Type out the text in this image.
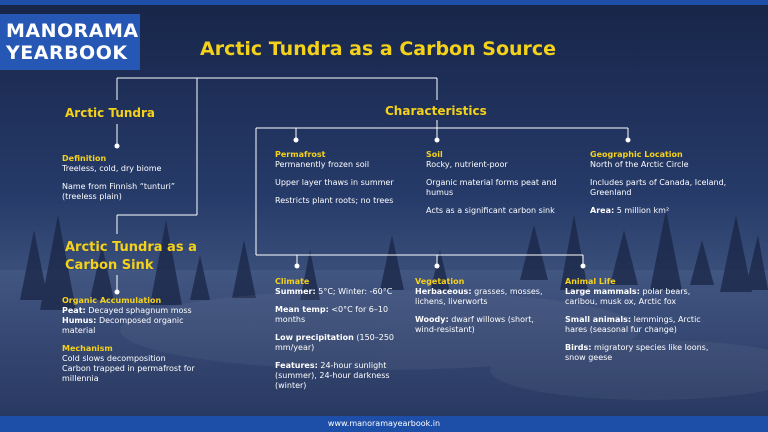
MANORAMA
YEARBOOK	Arctic Tundra as a Carbon Source
Arctic Tundra
Definition

Treeless, cold, dry biome

Name from Finnish “tunturi” (treeless plain)

Arctic Tundra as a
Carbon Sink
Organic Accumulation
Peat: Decayed sphagnum moss

Humus: Decomposed organic material

Mechanism
Cold slows decomposition
Carbon trapped in permafrost for millennia
Characteristics
Permafrost

Permanently frozen soil

Upper layer thaws in summer

Restricts plant roots; no trees

Soil

Rocky, nutrient-poor

Organic material forms peat and humus

Acts as a significant carbon sink

Geographic Location

North of the Arctic Circle

Includes parts of Canada, Iceland, Greenland

Area: 5 million km²

Climate

Summer: 5°C; Winter: -60°C

Mean temp: <0°C for 6–10 months

Low precipitation (150–250 mm/year)

Features: 24-hour sunlight (summer), 24-hour darkness (winter)

Vegetation

Herbaceous: grasses, mosses, lichens, liverworts

Woody: dwarf willows (short, wind-resistant)

Animal Life

Large mammals: polar bears, caribou, musk ox, Arctic fox

Small animals: lemmings, Arctic hares (seasonal fur change)

Birds: migratory species like loons, snow geese

www.manoramayearbook.in
